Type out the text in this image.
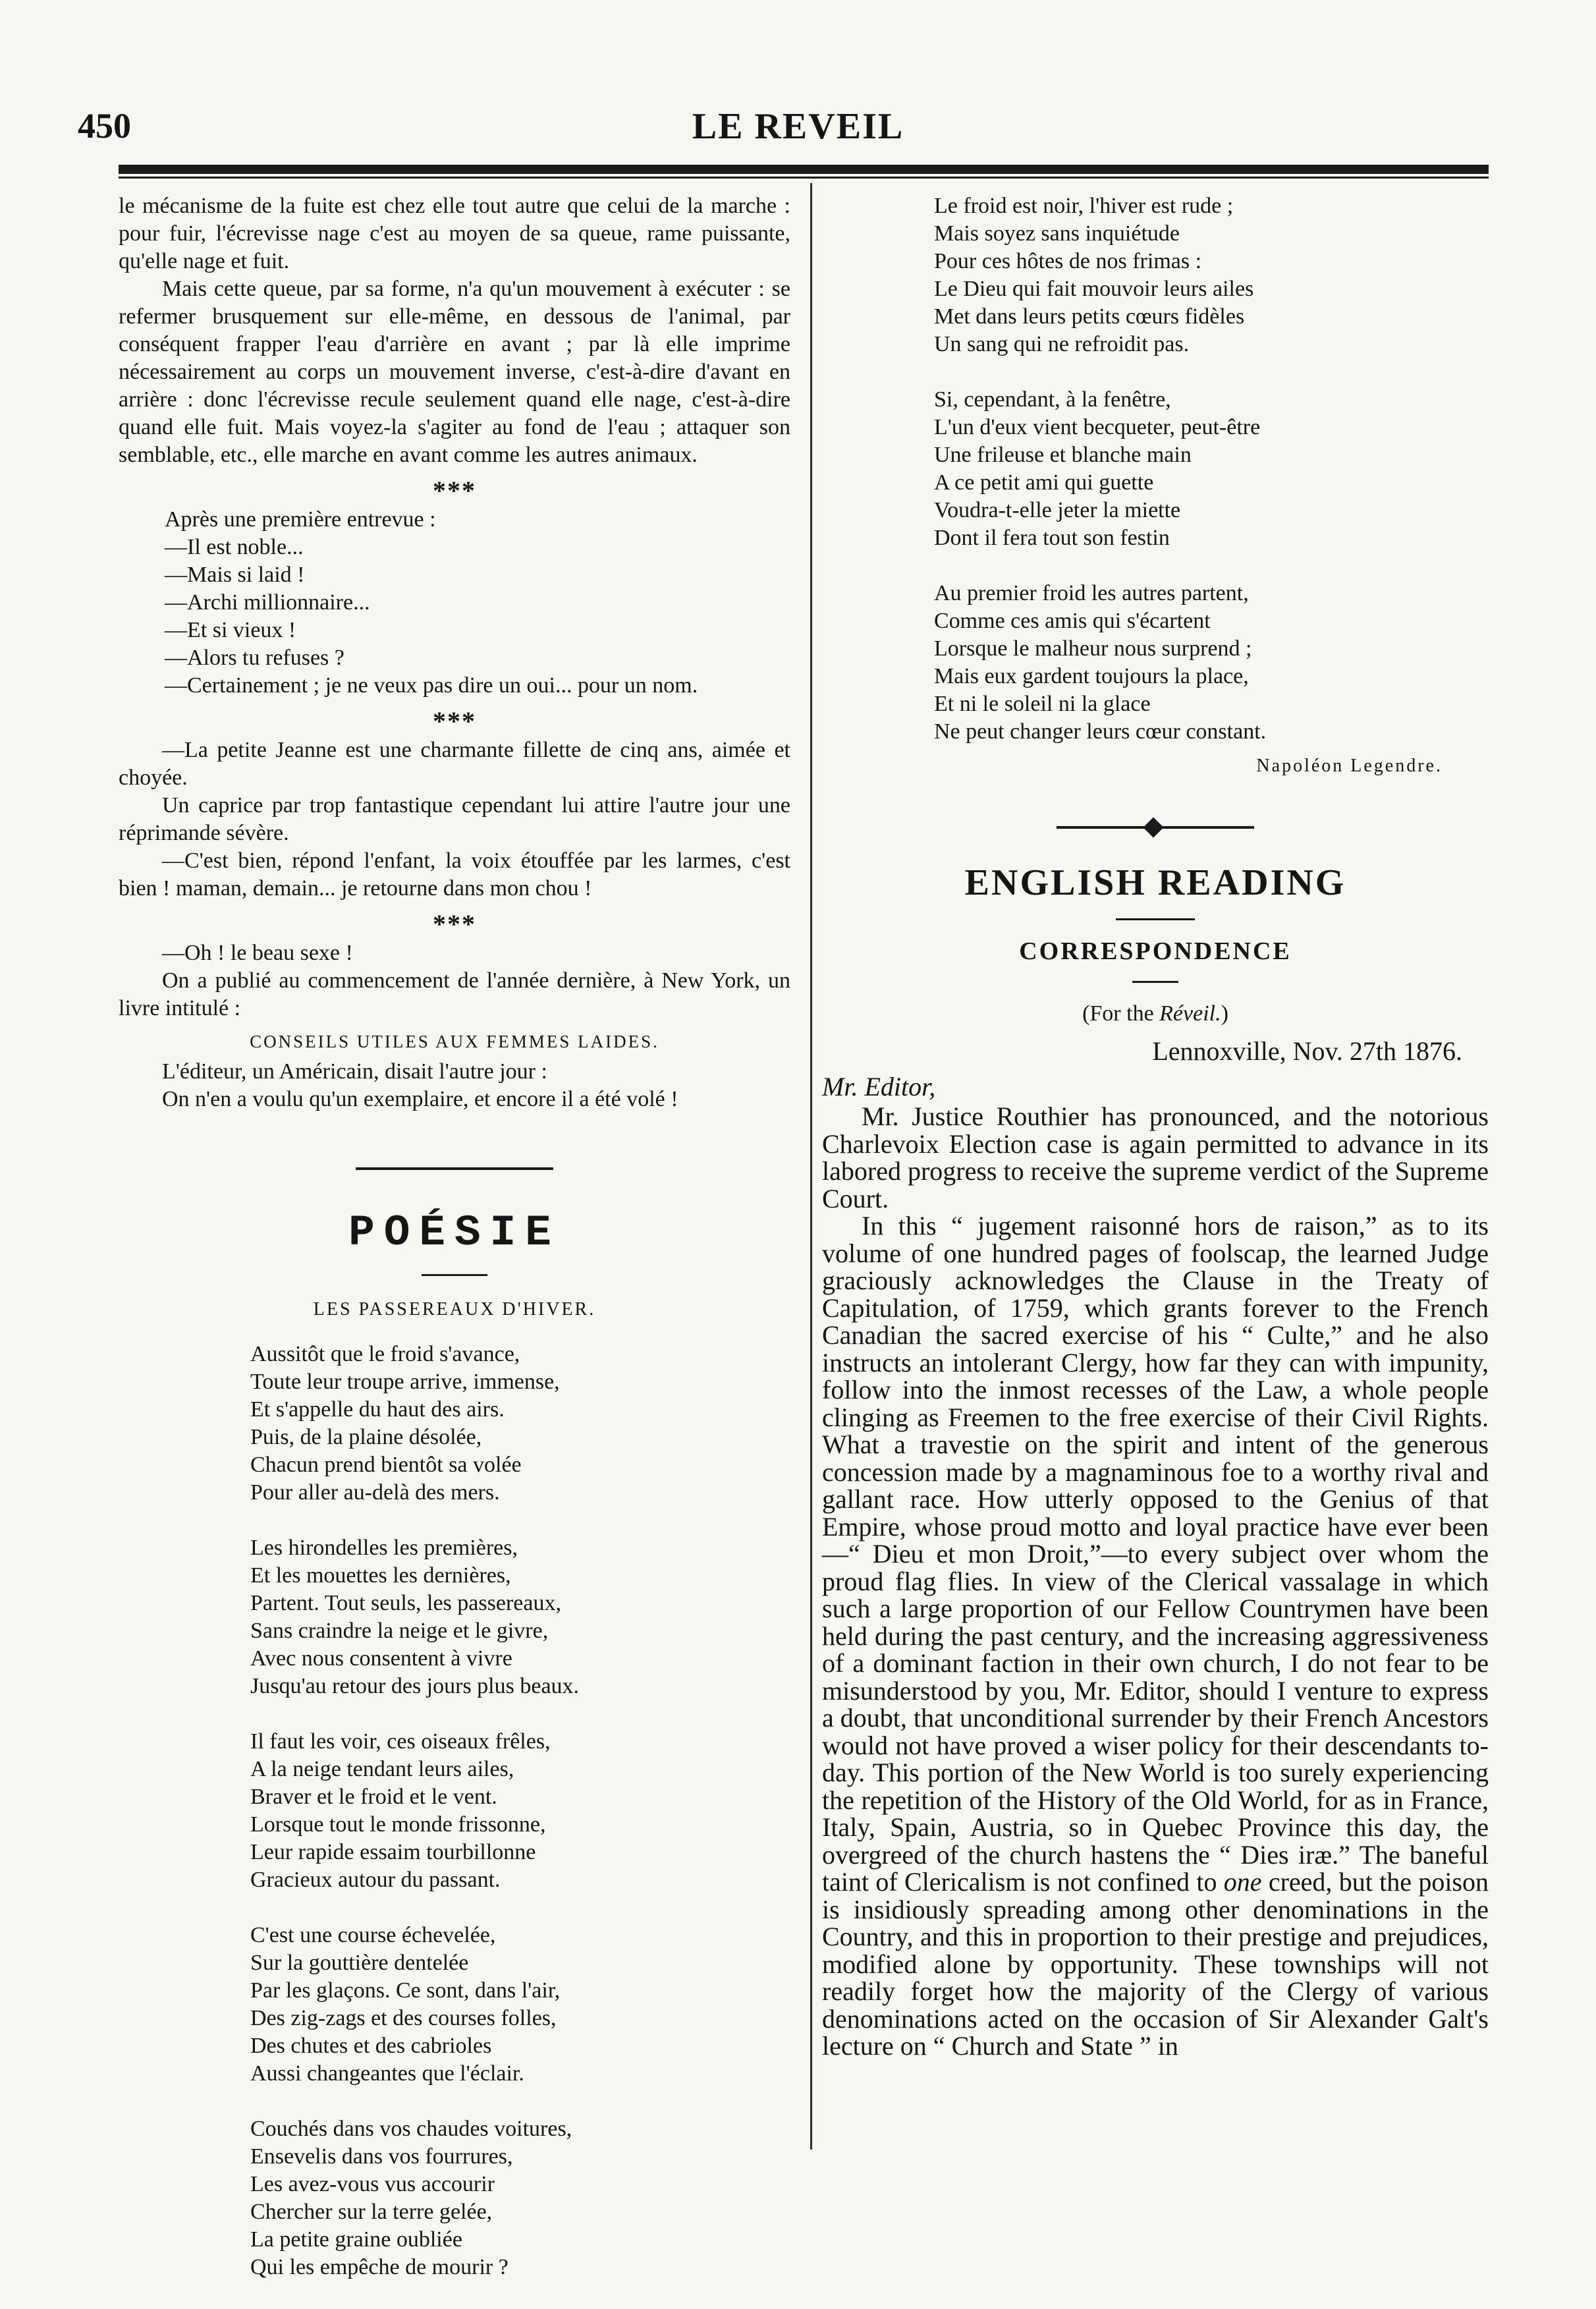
450	LE REVEIL

le mécanisme de la fuite est chez elle tout autre que celui de la marche : pour fuir, l'écrevisse nage c'est au moyen de sa queue, rame puissante, qu'elle nage et fuit.

Mais cette queue, par sa forme, n'a qu'un mouvement à exécuter : se refermer brusquement sur elle-même, en dessous de l'animal, par conséquent frapper l'eau d'arrière en avant ; par là elle imprime nécessairement au corps un mouvement inverse, c'est-à-dire d'avant en arrière : donc l'écrevisse recule seulement quand elle nage, c'est-à-dire quand elle fuit. Mais voyez-la s'agiter au fond de l'eau ; attaquer son semblable, etc., elle marche en avant comme les autres animaux.

***
Après une première entrevue :
—Il est noble...
—Mais si laid !
—Archi millionnaire...
—Et si vieux !
—Alors tu refuses ?
—Certainement ; je ne veux pas dire un oui... pour un nom.
***

—La petite Jeanne est une charmante fillette de cinq ans, aimée et choyée.

Un caprice par trop fantastique cependant lui attire l'autre jour une réprimande sévère.

—C'est bien, répond l'enfant, la voix étouffée par les larmes, c'est bien ! maman, demain... je retourne dans mon chou !

***

—Oh ! le beau sexe !

On a publié au commencement de l'année dernière, à New York, un livre intitulé :

CONSEILS UTILES AUX FEMMES LAIDES.

L'éditeur, un Américain, disait l'autre jour :

On n'en a voulu qu'un exemplaire, et encore il a été volé !

POÉSIE
LES PASSEREAUX D'HIVER.
Aussitôt que le froid s'avance,
Toute leur troupe arrive, immense,
Et s'appelle du haut des airs.
Puis, de la plaine désolée,
Chacun prend bientôt sa volée
Pour aller au-delà des mers.
Les hirondelles les premières,
Et les mouettes les dernières,
Partent. Tout seuls, les passereaux,
Sans craindre la neige et le givre,
Avec nous consentent à vivre
Jusqu'au retour des jours plus beaux.
Il faut les voir, ces oiseaux frêles,
A la neige tendant leurs ailes,
Braver et le froid et le vent.
Lorsque tout le monde frissonne,
Leur rapide essaim tourbillonne
Gracieux autour du passant.
C'est une course échevelée,
Sur la gouttière dentelée
Par les glaçons. Ce sont, dans l'air,
Des zig-zags et des courses folles,
Des chutes et des cabrioles
Aussi changeantes que l'éclair.
Couchés dans vos chaudes voitures,
Ensevelis dans vos fourrures,
Les avez-vous vus accourir
Chercher sur la terre gelée,
La petite graine oubliée
Qui les empêche de mourir ?
Le froid est noir, l'hiver est rude ;
Mais soyez sans inquiétude
Pour ces hôtes de nos frimas :
Le Dieu qui fait mouvoir leurs ailes
Met dans leurs petits cœurs fidèles
Un sang qui ne refroidit pas.
Si, cependant, à la fenêtre,
L'un d'eux vient becqueter, peut-être
Une frileuse et blanche main
A ce petit ami qui guette
Voudra-t-elle jeter la miette
Dont il fera tout son festin
Au premier froid les autres partent,
Comme ces amis qui s'écartent
Lorsque le malheur nous surprend ;
Mais eux gardent toujours la place,
Et ni le soleil ni la glace
Ne peut changer leurs cœur constant.
Napoléon Legendre.
ENGLISH READING
CORRESPONDENCE
(For the Réveil.)
Lennoxville, Nov. 27th 1876.
Mr. Editor,

Mr. Justice Routhier has pronounced, and the notorious Charlevoix Election case is again permitted to advance in its labored progress to receive the supreme verdict of the Supreme Court.

In this “ jugement raisonné hors de raison,” as to its volume of one hundred pages of foolscap, the learned Judge graciously acknowledges the Clause in the Treaty of Capitulation, of 1759, which grants forever to the French Canadian the sacred exercise of his “ Culte,” and he also instructs an intolerant Clergy, how far they can with impunity, follow into the inmost recesses of the Law, a whole people clinging as Freemen to the free exercise of their Civil Rights. What a travestie on the spirit and intent of the generous concession made by a magnaminous foe to a worthy rival and gallant race. How utterly opposed to the Genius of that Empire, whose proud motto and loyal practice have ever been—“ Dieu et mon Droit,”—to every subject over whom the proud flag flies. In view of the Clerical vassalage in which such a large proportion of our Fellow Countrymen have been held during the past century, and the increasing aggressiveness of a dominant faction in their own church, I do not fear to be misunderstood by you, Mr. Editor, should I venture to express a doubt, that unconditional surrender by their French Ancestors would not have proved a wiser policy for their descendants to-day. This portion of the New World is too surely experiencing the repetition of the History of the Old World, for as in France, Italy, Spain, Austria, so in Quebec Province this day, the overgreed of the church hastens the “ Dies iræ.” The baneful taint of Clericalism is not confined to one creed, but the poison is insidiously spreading among other denominations in the Country, and this in proportion to their prestige and prejudices, modified alone by opportunity. These townships will not readily forget how the majority of the Clergy of various denominations acted on the occasion of Sir Alexander Galt's lecture on “ Church and State ” in
